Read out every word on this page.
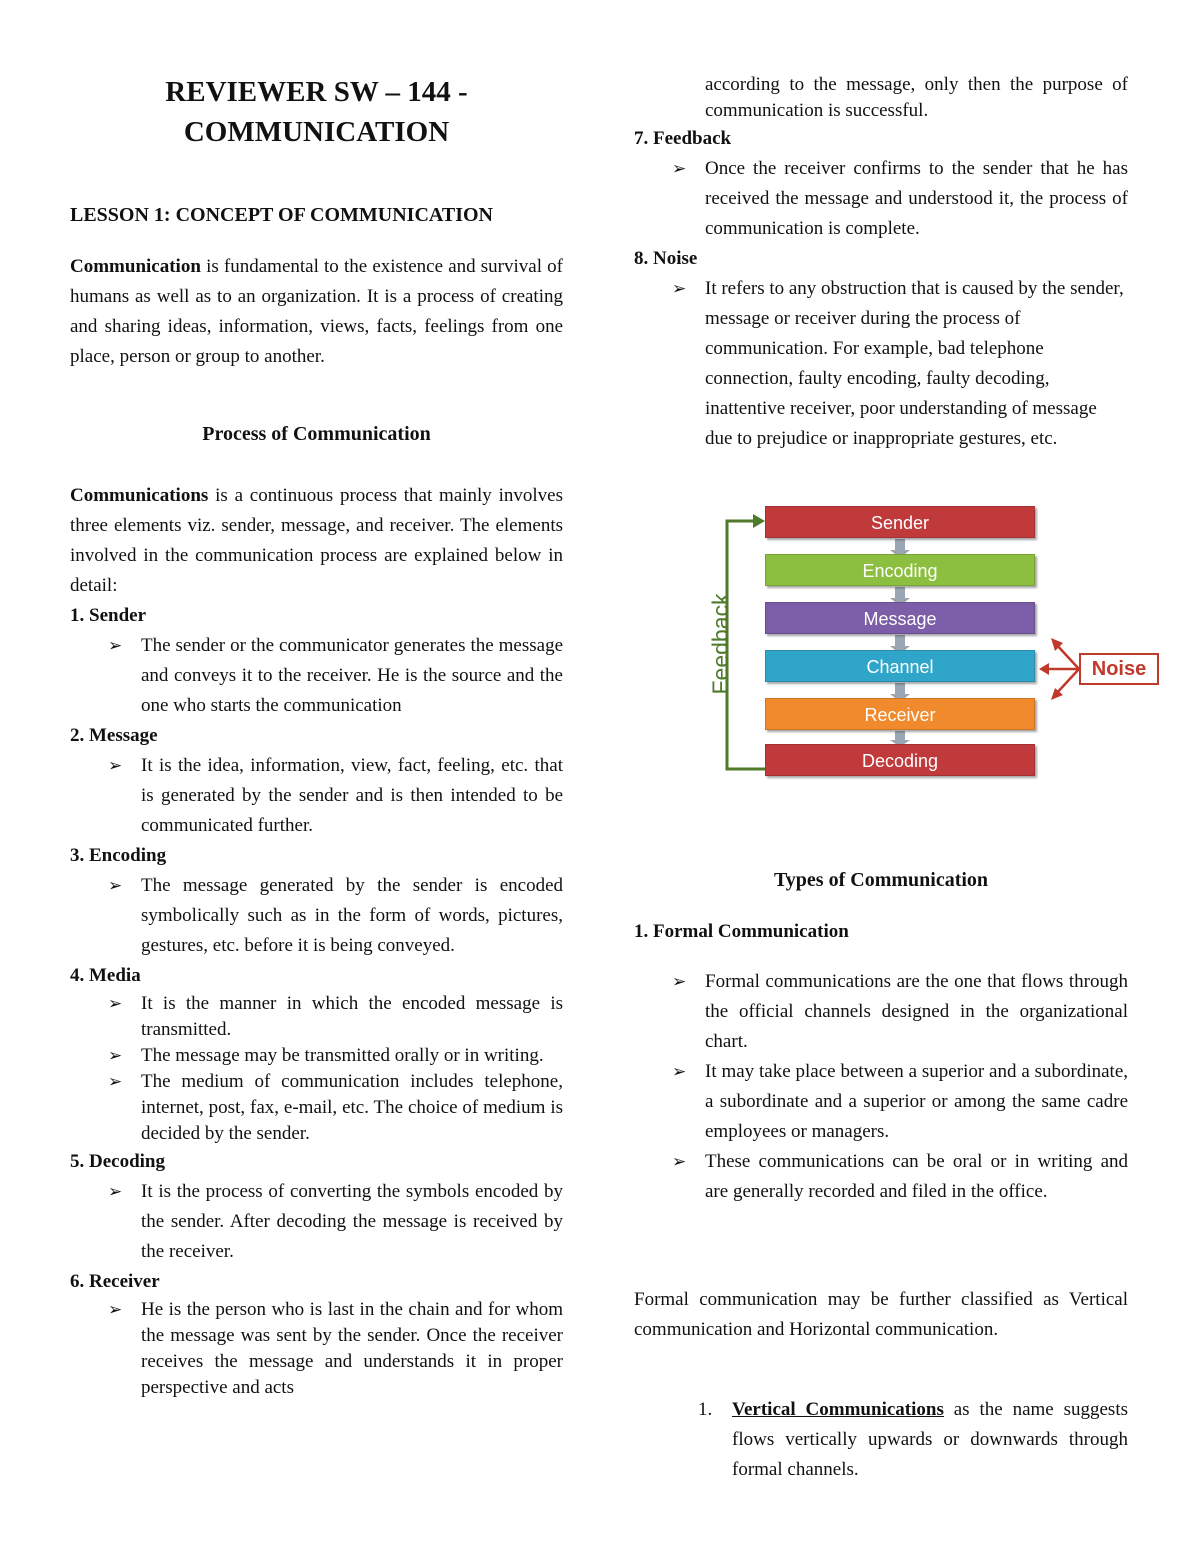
REVIEWER SW – 144 -
COMMUNICATION
LESSON 1: CONCEPT OF COMMUNICATION
Communication is fundamental to the existence and survival of humans as well as to an organization. It is a process of creating and sharing ideas, information, views, facts, feelings from one place, person or group to another.
Process of Communication
Communications is a continuous process that mainly involves three elements viz. sender, message, and receiver. The elements involved in the communication process are explained below in detail:
1. Sender
➢ The sender or the communicator generates the message and conveys it to the receiver. He is the source and the one who starts the communication
2. Message
➢ It is the idea, information, view, fact, feeling, etc. that is generated by the sender and is then intended to be communicated further.
3. Encoding
➢ The message generated by the sender is encoded symbolically such as in the form of words, pictures, gestures, etc. before it is being conveyed.
4. Media
➢ It is the manner in which the encoded message is transmitted.
➢ The message may be transmitted orally or in writing.
➢ The medium of communication includes telephone, internet, post, fax, e-mail, etc. The choice of medium is decided by the sender.
5. Decoding
➢ It is the process of converting the symbols encoded by the sender. After decoding the message is received by the receiver.
6. Receiver
➢ He is the person who is last in the chain and for whom the message was sent by the sender. Once the receiver receives the message and understands it in proper perspective and acts
according to the message, only then the purpose of communication is successful.
7. Feedback
➢ Once the receiver confirms to the sender that he has received the message and understood it, the process of communication is complete.
8. Noise
➢ It refers to any obstruction that is caused by the sender, message or receiver during the process of communication. For example, bad telephone connection, faulty encoding, faulty decoding, inattentive receiver, poor understanding of message due to prejudice or inappropriate gestures, etc.
Feedback
Sender
Encoding
Message
Channel
Receiver
Decoding
Noise
Types of Communication
1. Formal Communication
➢ Formal communications are the one that flows through the official channels designed in the organizational chart.
➢ It may take place between a superior and a subordinate, a subordinate and a superior or among the same cadre employees or managers.
➢ These communications can be oral or in writing and are generally recorded and filed in the office.
Formal communication may be further classified as Vertical communication and Horizontal communication.
1. Vertical Communications as the name suggests flows vertically upwards or downwards through formal channels.
